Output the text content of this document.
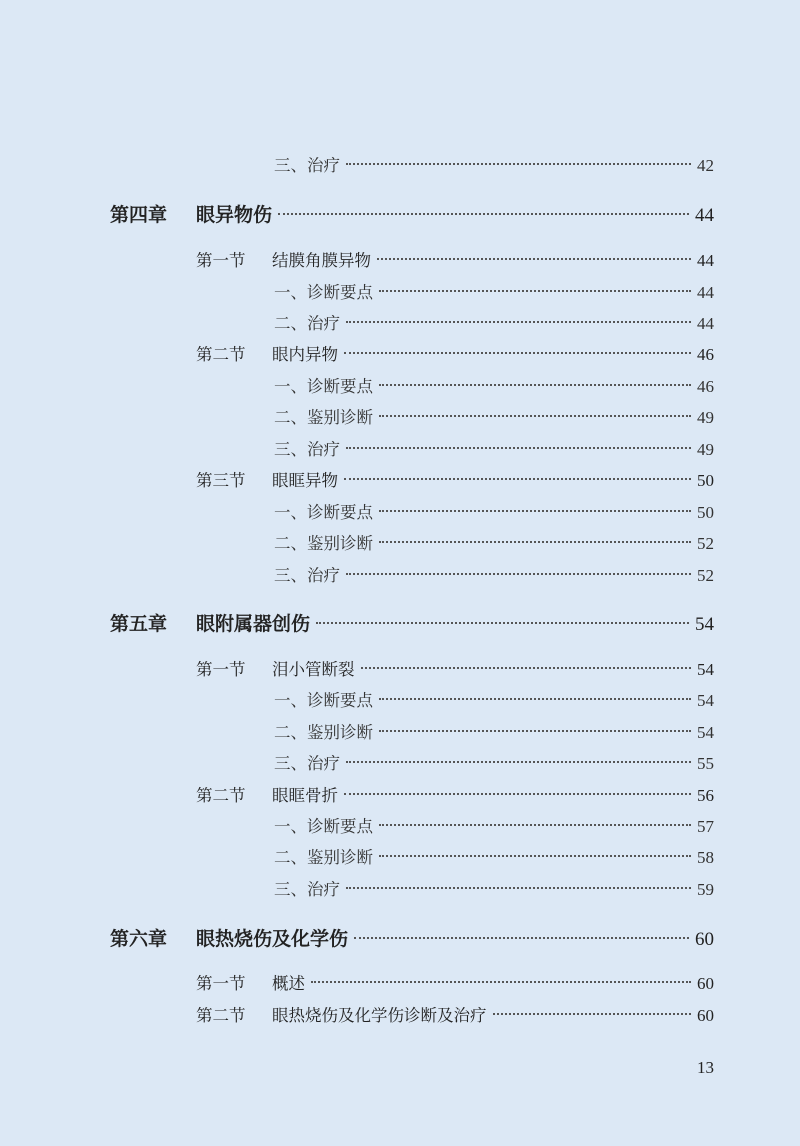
三、治疗	42
第四章	眼异物伤	44
第一节	结膜角膜异物	44
一、诊断要点	44
二、治疗	44
第二节	眼内异物	46
一、诊断要点	46
二、鉴别诊断	49
三、治疗	49
第三节	眼眶异物	50
一、诊断要点	50
二、鉴别诊断	52
三、治疗	52
第五章	眼附属器创伤	54
第一节	泪小管断裂	54
一、诊断要点	54
二、鉴别诊断	54
三、治疗	55
第二节	眼眶骨折	56
一、诊断要点	57
二、鉴别诊断	58
三、治疗	59
第六章	眼热烧伤及化学伤	60
第一节	概述	60
第二节	眼热烧伤及化学伤诊断及治疗	60
13
